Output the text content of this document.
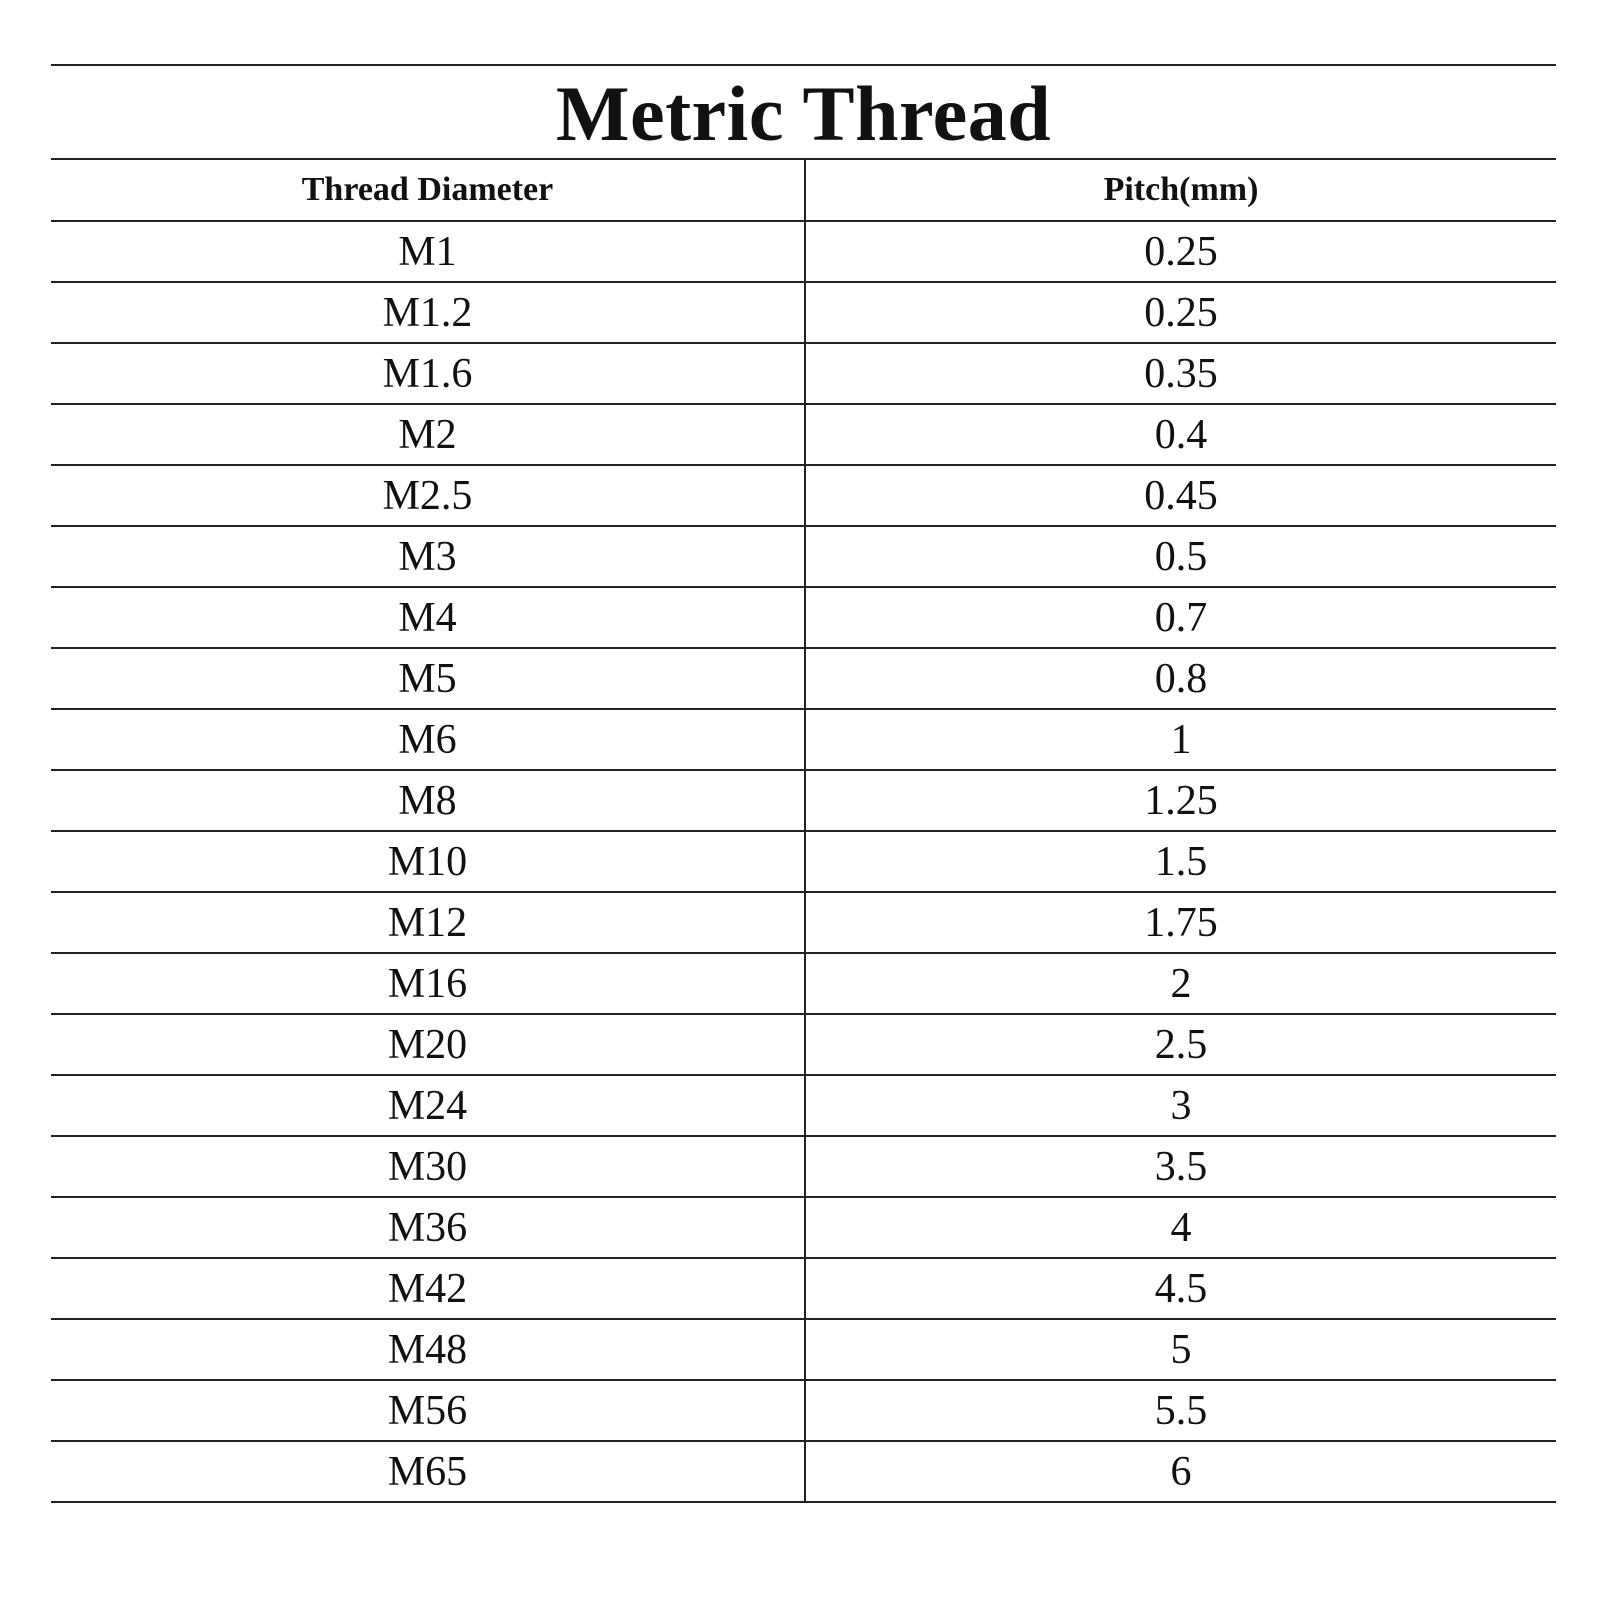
Metric Thread
Thread Diameter	Pitch(mm)
M1	0.25
M1.2	0.25
M1.6	0.35
M2	0.4
M2.5	0.45
M3	0.5
M4	0.7
M5	0.8
M6	1
M8	1.25
M10	1.5
M12	1.75
M16	2
M20	2.5
M24	3
M30	3.5
M36	4
M42	4.5
M48	5
M56	5.5
M65	6
